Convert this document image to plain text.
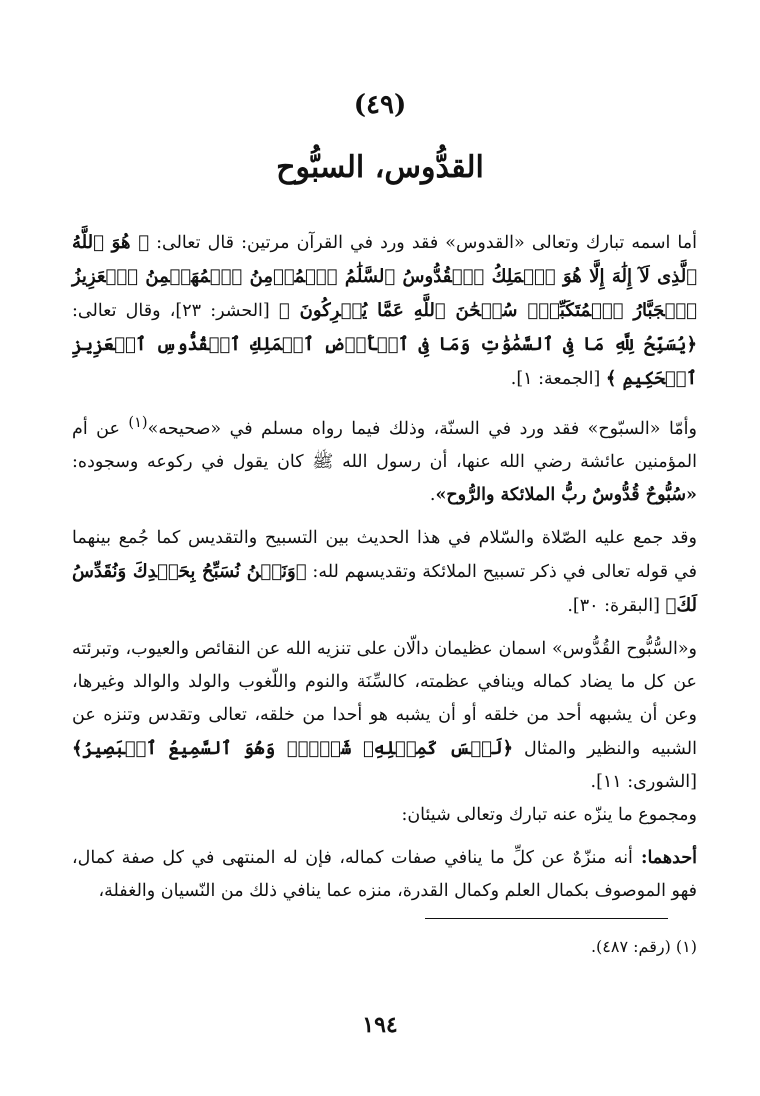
(٤٩)
القدُّوس، السبُّوح

أما اسمه تبارك وتعالى «القدوس» فقد ورد في القرآن مرتين: قال تعالى: ﴿ هُوَ ٱللَّهُ ٱلَّذِى لَآ إِلَٰهَ إِلَّا هُوَ ٱلۡمَلِكُ ٱلۡقُدُّوسُ ٱلسَّلَٰمُ ٱلۡمُؤۡمِنُ ٱلۡمُهَيۡمِنُ ٱلۡعَزِيزُ ٱلۡجَبَّارُ ٱلۡمُتَكَبِّرُۚ سُبۡحَٰنَ ٱللَّهِ عَمَّا يُشۡرِكُونَ ﴾ [الحشر: ٢٣]، وقال تعالى: ﴿يُسَبِّحُ لِلَّهِ مَا فِى ٱلسَّمَٰوَٰتِ وَمَا فِى ٱلۡأَرۡضِ ٱلۡمَلِكِ ٱلۡقُدُّوسِ ٱلۡعَزِيزِ ٱلۡحَكِيمِ ﴾ [الجمعة: ١].

وأمّا «السبّوح» فقد ورد في السنّة، وذلك فيما رواه مسلم في «صحيحه»$^{(١)}$ عن أم المؤمنين عائشة رضي الله عنها، أن رسول الله ﷺ كان يقول في ركوعه وسجوده: «سُبُّوحٌ قُدُّوسٌ ربُّ الملائكة والرُّوح».

وقد جمع عليه الصّلاة والسّلام في هذا الحديث بين التسبيح والتقديس كما جُمع بينهما في قوله تعالى في ذكر تسبيح الملائكة وتقديسهم لله: ﴿وَنَحۡنُ نُسَبِّحُ بِحَمۡدِكَ وَنُقَدِّسُ لَكَ﴾ [البقرة: ٣٠].

و«السُّبُّوح القُدُّوس» اسمان عظيمان دالّان على تنزيه الله عن النقائص والعيوب، وتبرئته عن كل ما يضاد كماله وينافي عظمته، كالسِّنَة والنوم واللّغوب والولد والوالد وغيرها، وعن أن يشبهه أحد من خلقه أو أن يشبه هو أحدا من خلقه، تعالى وتقدس وتنزه عن الشبيه والنظير والمثال ﴿لَيۡسَ كَمِثۡلِهِۦ شَىۡءٌۖ وَهُوَ ٱلسَّمِيعُ ٱلۡبَصِيرُ﴾ [الشورى: ١١].

ومجموع ما ينزّه عنه تبارك وتعالى شيئان:

أحدهما: أنه منزّهٌ عن كلِّ ما ينافي صفات كماله، فإن له المنتهى في كل صفة كمال، فهو الموصوف بكمال العلم وكمال القدرة، منزه عما ينافي ذلك من النّسيان والغفلة،

(١) (رقم: ٤٨٧).
١٩٤
